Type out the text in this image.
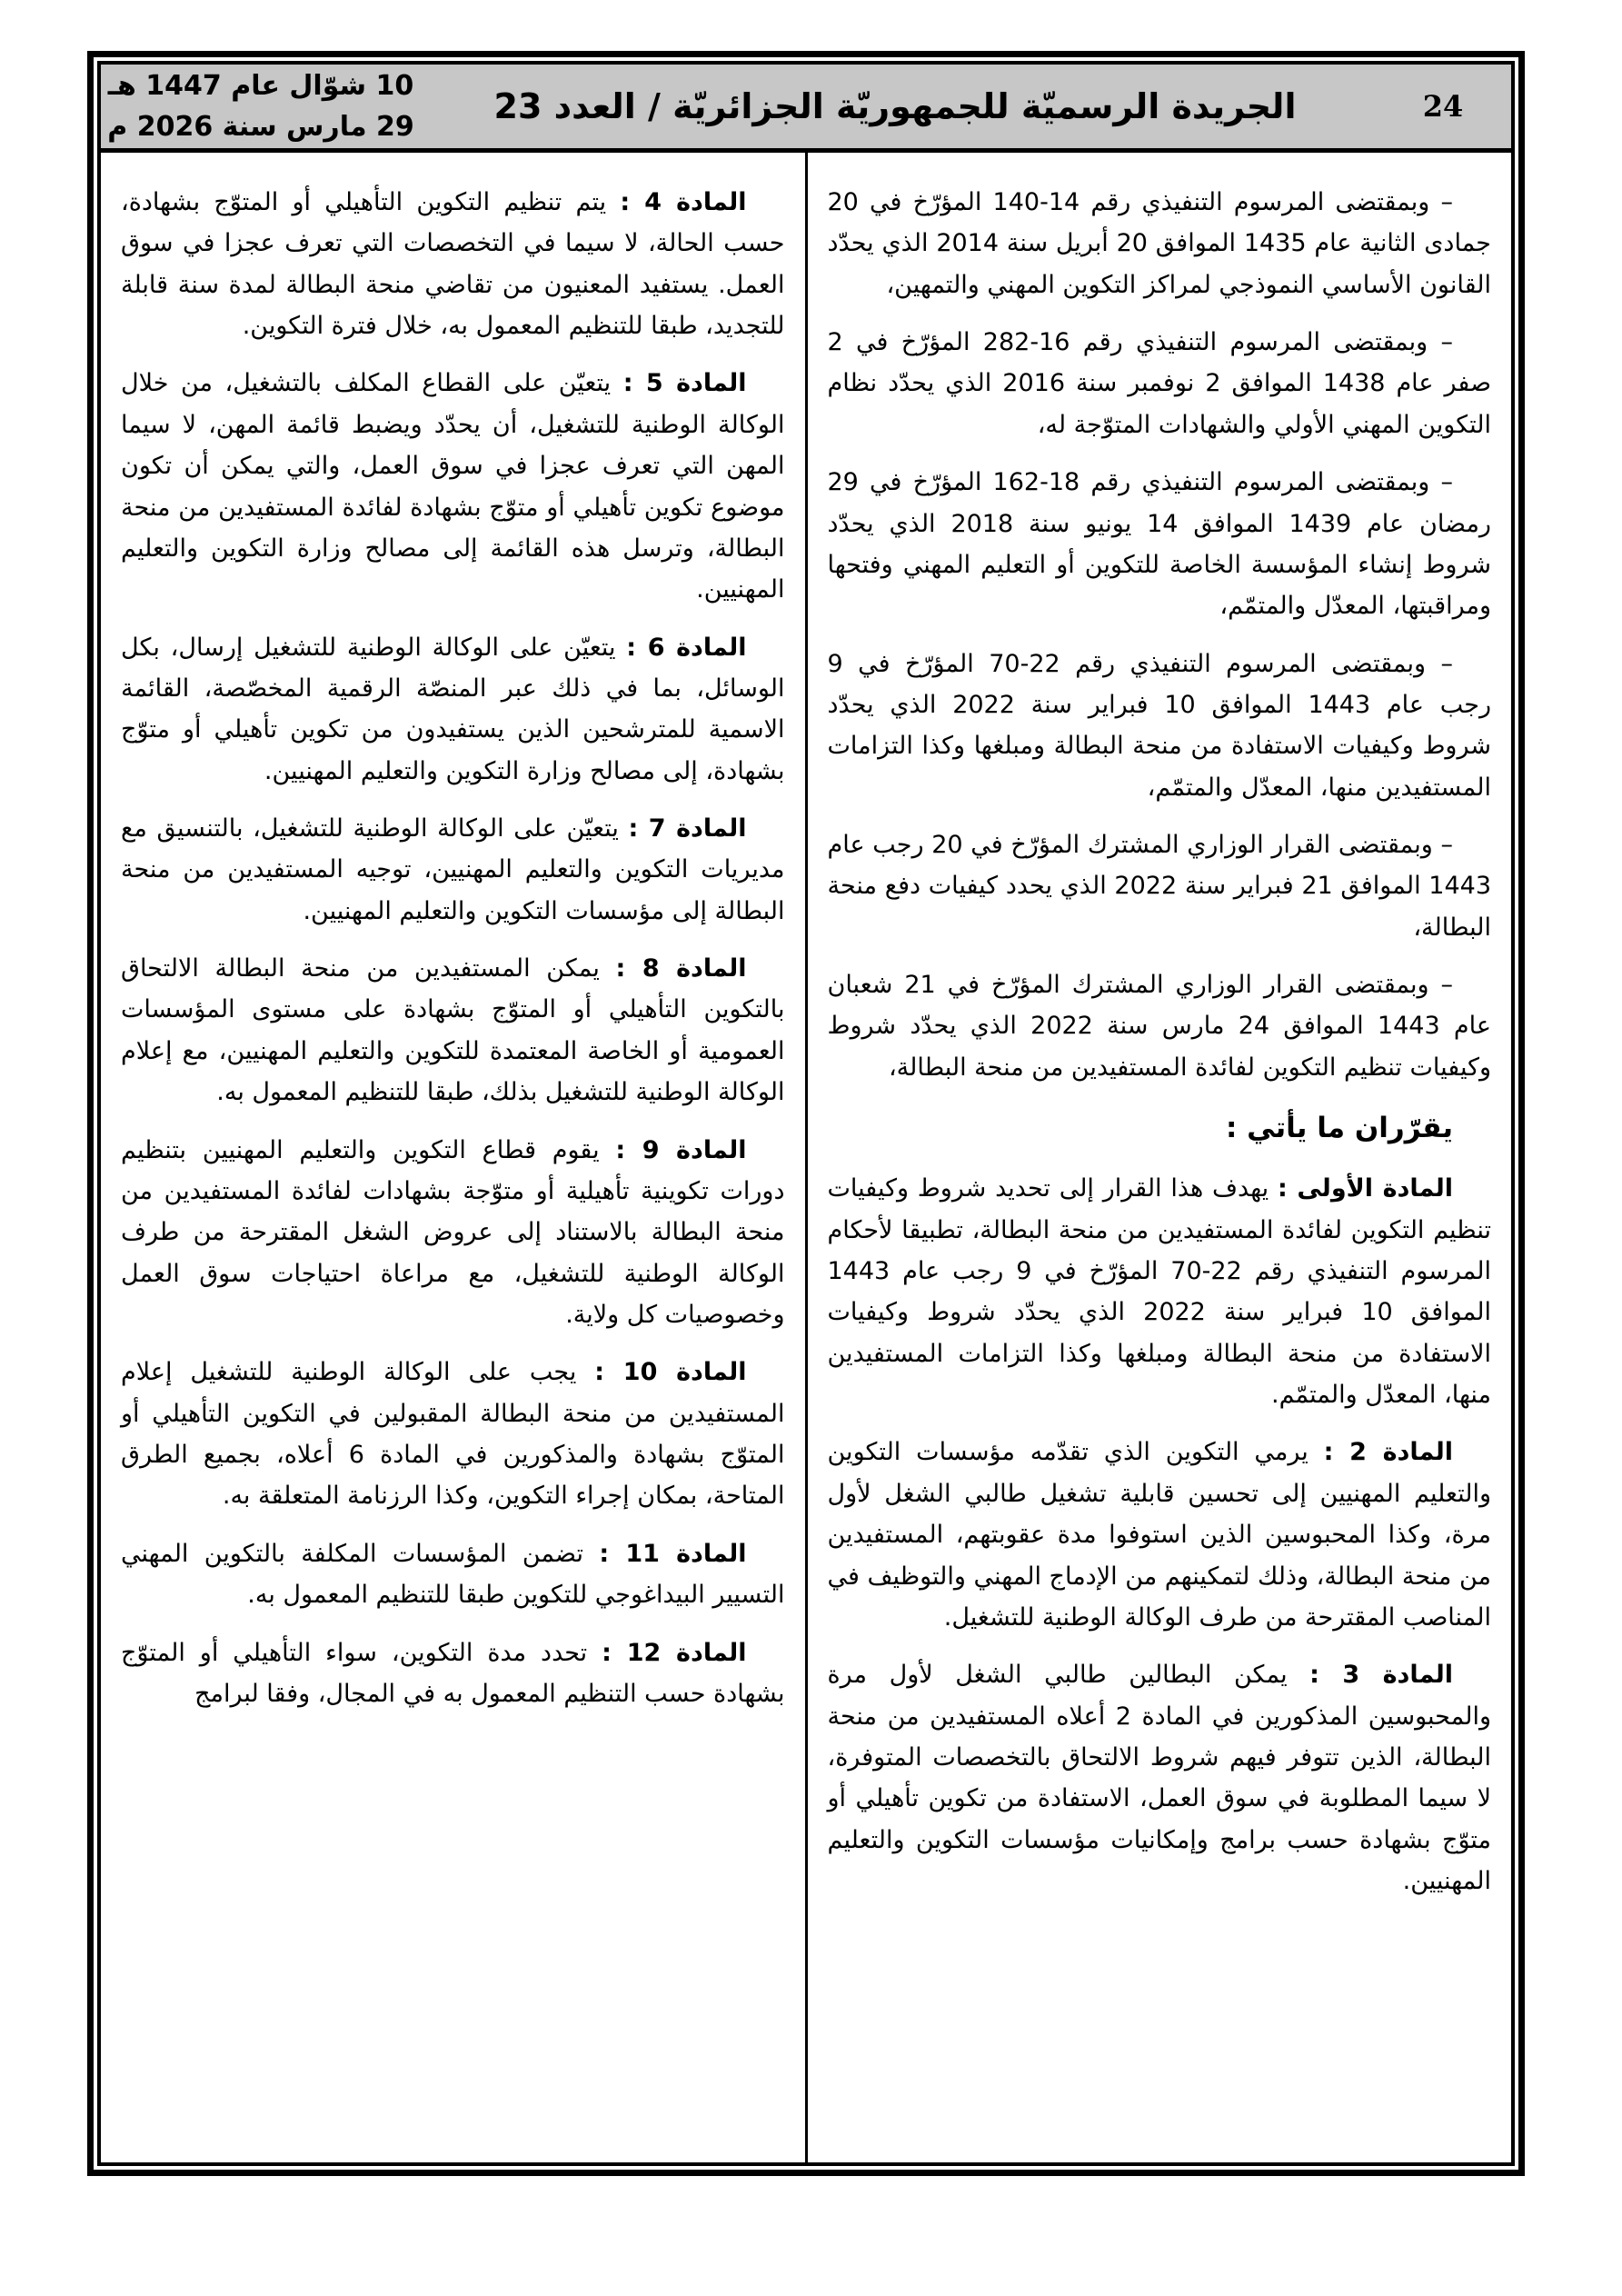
24
الجريدة الرسميّة للجمهوريّة الجزائريّة / العدد 23
10 شوّال عام 1447 هـ
29 مارس سنة 2026 م

– وبمقتضى المرسوم التنفيذي رقم 14‏-‏140 المؤرّخ في 20 جمادى الثانية عام 1435 الموافق 20 أبريل سنة 2014 الذي يحدّد القانون الأساسي النموذجي لمراكز التكوين المهني والتمهين،

– وبمقتضى المرسوم التنفيذي رقم 16‏-‏282 المؤرّخ في 2 صفر عام 1438 الموافق 2 نوفمبر سنة 2016 الذي يحدّد نظام التكوين المهني الأولي والشهادات المتوّجة له،

– وبمقتضى المرسوم التنفيذي رقم 18‏-‏162 المؤرّخ في 29 رمضان عام 1439 الموافق 14 يونيو سنة 2018 الذي يحدّد شروط إنشاء المؤسسة الخاصة للتكوين أو التعليم المهني وفتحها ومراقبتها، المعدّل والمتمّم،

– وبمقتضى المرسوم التنفيذي رقم 22‏-‏70 المؤرّخ في 9 رجب عام 1443 الموافق 10 فبراير سنة 2022 الذي يحدّد شروط وكيفيات الاستفادة من منحة البطالة ومبلغها وكذا التزامات المستفيدين منها، المعدّل والمتمّم،

– وبمقتضى القرار الوزاري المشترك المؤرّخ في 20 رجب عام 1443 الموافق 21 فبراير سنة 2022 الذي يحدد كيفيات دفع منحة البطالة،

– وبمقتضى القرار الوزاري المشترك المؤرّخ في 21 شعبان عام 1443 الموافق 24 مارس سنة 2022 الذي يحدّد شروط وكيفيات تنظيم التكوين لفائدة المستفيدين من منحة البطالة،

يقرّران ما يأتي :

المادة الأولى : يهدف هذا القرار إلى تحديد شروط وكيفيات تنظيم التكوين لفائدة المستفيدين من منحة البطالة، تطبيقا لأحكام المرسوم التنفيذي رقم 22‏-‏70 المؤرّخ في 9 رجب عام 1443 الموافق 10 فبراير سنة 2022 الذي يحدّد شروط وكيفيات الاستفادة من منحة البطالة ومبلغها وكذا التزامات المستفيدين منها، المعدّل والمتمّم.

المادة 2 : يرمي التكوين الذي تقدّمه مؤسسات التكوين والتعليم المهنيين إلى تحسين قابلية تشغيل طالبي الشغل لأول مرة، وكذا المحبوسين الذين استوفوا مدة عقوبتهم، المستفيدين من منحة البطالة، وذلك لتمكينهم من الإدماج المهني والتوظيف في المناصب المقترحة من طرف الوكالة الوطنية للتشغيل.

المادة 3 : يمكن البطالين طالبي الشغل لأول مرة والمحبوسين المذكورين في المادة 2 أعلاه المستفيدين من منحة البطالة، الذين تتوفر فيهم شروط الالتحاق بالتخصصات المتوفرة، لا سيما المطلوبة في سوق العمل، الاستفادة من تكوين تأهيلي أو متوّج بشهادة حسب برامج وإمكانيات مؤسسات التكوين والتعليم المهنيين.

المادة 4 : يتم تنظيم التكوين التأهيلي أو المتوّج بشهادة، حسب الحالة، لا سيما في التخصصات التي تعرف عجزا في سوق العمل. يستفيد المعنيون من تقاضي منحة البطالة لمدة سنة قابلة للتجديد، طبقا للتنظيم المعمول به، خلال فترة التكوين.

المادة 5 : يتعيّن على القطاع المكلف بالتشغيل، من خلال الوكالة الوطنية للتشغيل، أن يحدّد ويضبط قائمة المهن، لا سيما المهن التي تعرف عجزا في سوق العمل، والتي يمكن أن تكون موضوع تكوين تأهيلي أو متوّج بشهادة لفائدة المستفيدين من منحة البطالة، وترسل هذه القائمة إلى مصالح وزارة التكوين والتعليم المهنيين.

المادة 6 : يتعيّن على الوكالة الوطنية للتشغيل إرسال، بكل الوسائل، بما في ذلك عبر المنصّة الرقمية المخصّصة، القائمة الاسمية للمترشحين الذين يستفيدون من تكوين تأهيلي أو متوّج بشهادة، إلى مصالح وزارة التكوين والتعليم المهنيين.

المادة 7 : يتعيّن على الوكالة الوطنية للتشغيل، بالتنسيق مع مديريات التكوين والتعليم المهنيين، توجيه المستفيدين من منحة البطالة إلى مؤسسات التكوين والتعليم المهنيين.

المادة 8 : يمكن المستفيدين من منحة البطالة الالتحاق بالتكوين التأهيلي أو المتوّج بشهادة على مستوى المؤسسات العمومية أو الخاصة المعتمدة للتكوين والتعليم المهنيين، مع إعلام الوكالة الوطنية للتشغيل بذلك، طبقا للتنظيم المعمول به.

المادة 9 : يقوم قطاع التكوين والتعليم المهنيين بتنظيم دورات تكوينية تأهيلية أو متوّجة بشهادات لفائدة المستفيدين من منحة البطالة بالاستناد إلى عروض الشغل المقترحة من طرف الوكالة الوطنية للتشغيل، مع مراعاة احتياجات سوق العمل وخصوصيات كل ولاية.

المادة 10 : يجب على الوكالة الوطنية للتشغيل إعلام المستفيدين من منحة البطالة المقبولين في التكوين التأهيلي أو المتوّج بشهادة والمذكورين في المادة 6 أعلاه، بجميع الطرق المتاحة، بمكان إجراء التكوين، وكذا الرزنامة المتعلقة به.

المادة 11 : تضمن المؤسسات المكلفة بالتكوين المهني التسيير البيداغوجي للتكوين طبقا للتنظيم المعمول به.

المادة 12 : تحدد مدة التكوين، سواء التأهيلي أو المتوّج بشهادة حسب التنظيم المعمول به في المجال، وفقا لبرامج
